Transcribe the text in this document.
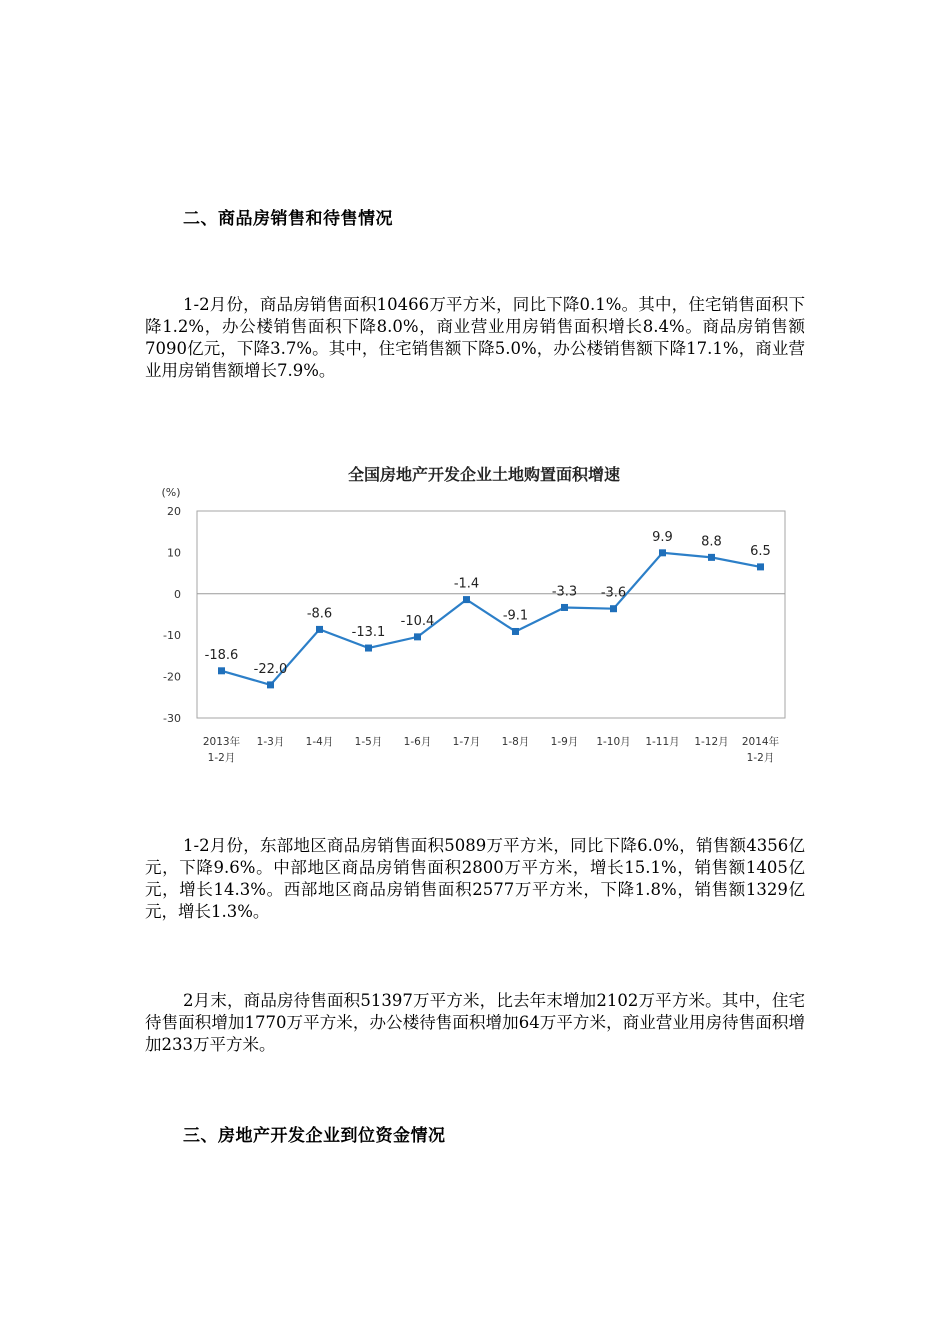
二、商品房销售和待售情况
1-2月份，商品房销售面积10466万平方米，同比下降0.1%。其中，住宅销售面积下降1.2%，办公楼销售面积下降8.0%，商业营业用房销售面积增长8.4%。商品房销售额7090亿元，下降3.7%。其中，住宅销售额下降5.0%，办公楼销售额下降17.1%，商业营业用房销售额增长7.9%。
全国房地产开发企业土地购置面积增速
(%)
20
10
0
-10
-20
-30
2013年
1-2月
1-3月 1-4月 1-5月 1-6月 1-7月 1-8月 1-9月 1-10月 1-11月 1-12月 2014年
1-2月
-18.6
-22.0
-8.6
-13.1
-10.4
-1.4
-9.1
-3.3 -3.6
9.9 8.8
6.5
1-2月份，东部地区商品房销售面积5089万平方米，同比下降6.0%，销售额4356亿元，下降9.6%。中部地区商品房销售面积2800万平方米，增长15.1%，销售额1405亿元，增长14.3%。西部地区商品房销售面积2577万平方米，下降1.8%，销售额1329亿元，增长1.3%。
2月末，商品房待售面积51397万平方米，比去年末增加2102万平方米。其中，住宅待售面积增加1770万平方米，办公楼待售面积增加64万平方米，商业营业用房待售面积增加233万平方米。
三、房地产开发企业到位资金情况
